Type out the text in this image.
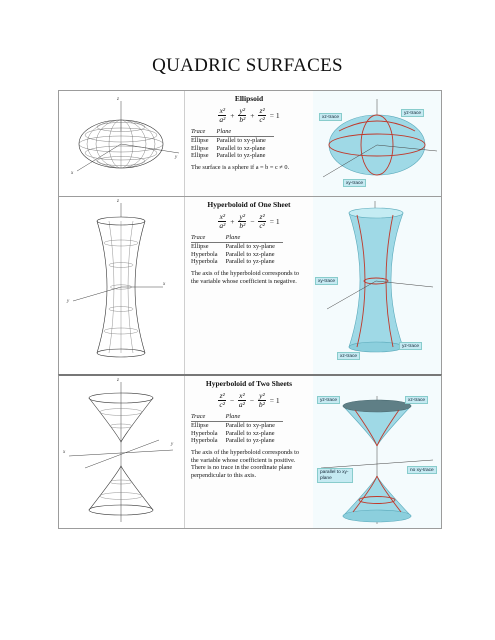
QUADRIC SURFACES
z
y
x
Ellipsoid
$\frac{\text{x²}}{\text{a²}} + \frac{\text{y²}}{\text{b²}} + \frac{\text{z²}}{\text{c²}} = 1$
Trace	Plane
Ellipse	Parallel to xy-plane
Ellipse	Parallel to xz-plane
Ellipse	Parallel to yz-plane
The surface is a sphere if a = b = c ≠ 0.
xz-trace
yz-trace
xy-trace
z
x
y
Hyperboloid of One Sheet
$\frac{\text{x²}}{\text{a²}} + \frac{\text{y²}}{\text{b²}} - \frac{\text{z²}}{\text{c²}} = 1$
Trace	Plane
Ellipse	Parallel to xy-plane
Hyperbola	Parallel to xz-plane
Hyperbola	Parallel to yz-plane
The axis of the hyperboloid corresponds to the variable whose coefficient is negative.	xy-trace
xz-trace
yz-trace
z
x
y
Hyperboloid of Two Sheets
$\frac{\text{z²}}{\text{c²}} - \frac{\text{x²}}{\text{a²}} - \frac{\text{y²}}{\text{b²}} = 1$
Trace	Plane
Ellipse	Parallel to xy-plane
Hyperbola	Parallel to xz-plane
Hyperbola	Parallel to yz-plane
The axis of the hyperboloid corresponds to the variable whose coefficient is positive. There is no trace in the coordinate plane perpendicular to this axis.
yz-trace	xz-trace
parallel to xy-plane
no xy-trace
